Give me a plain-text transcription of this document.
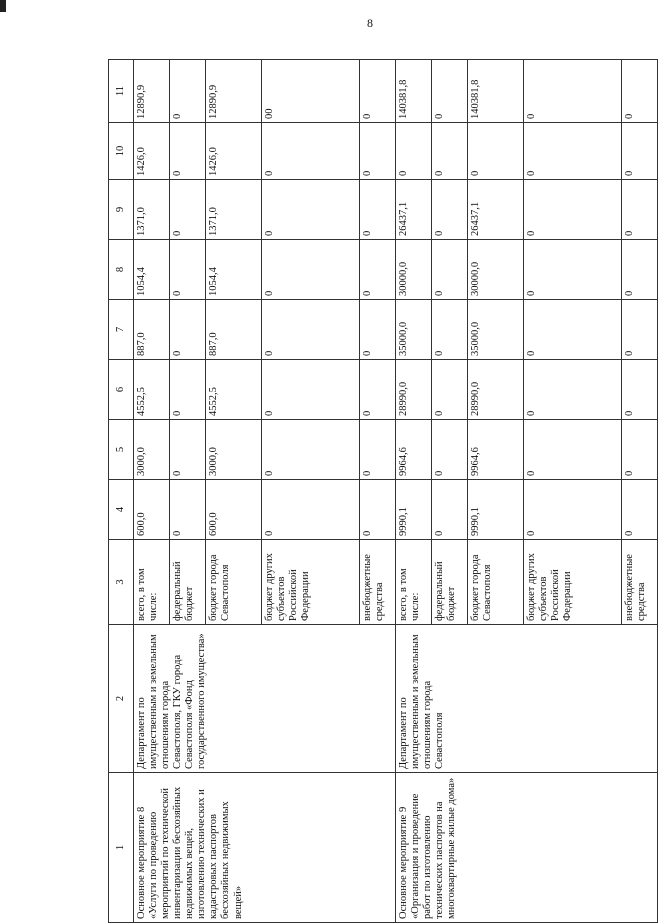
8
1	2	3	4	5	6	7	8	9	10	11
Основное мероприятие 8 «Услуги по проведению мероприятий по технической инвентаризации бесхозяйных недвижимых вещей, изготовлению технических и кадастровых паспортов бесхозяйных недвижимых вещей»	Департамент по имущественным и земельным отношениям города Севастополя, ГКУ города Севастополя «Фонд государственного имущества»	всего, в том числе:	600,0	3000,0	4552,5	887,0	1054,4	1371,0	1426,0	12890,9
		федеральный бюджет	0	0	0	0	0	0	0	0
		бюджет города Севастополя	600,0	3000,0	4552,5	887,0	1054,4	1371,0	1426,0	12890,9
		бюджет других субъектов Российской Федерации	0	0	0	0	0	0	0	00
		внебюджетные средства	0	0	0	0	0	0	0	0
Основное мероприятие 9 «Организация и проведение работ по изготовлению технических паспортов на многоквартирные жилые дома»	Департамент по имущественным и земельным отношениям города Севастополя	всего, в том числе:	9990,1	9964,6	28990,0	35000,0	30000,0	26437,1	0	140381,8
		федеральный бюджет	0	0	0	0	0	0	0	0
		бюджет города Севастополя	9990,1	9964,6	28990,0	35000,0	30000,0	26437,1	0	140381,8
		бюджет других субъектов Российской Федерации	0	0	0	0	0	0	0	0
		внебюджетные средства	0	0	0	0	0	0	0	0
